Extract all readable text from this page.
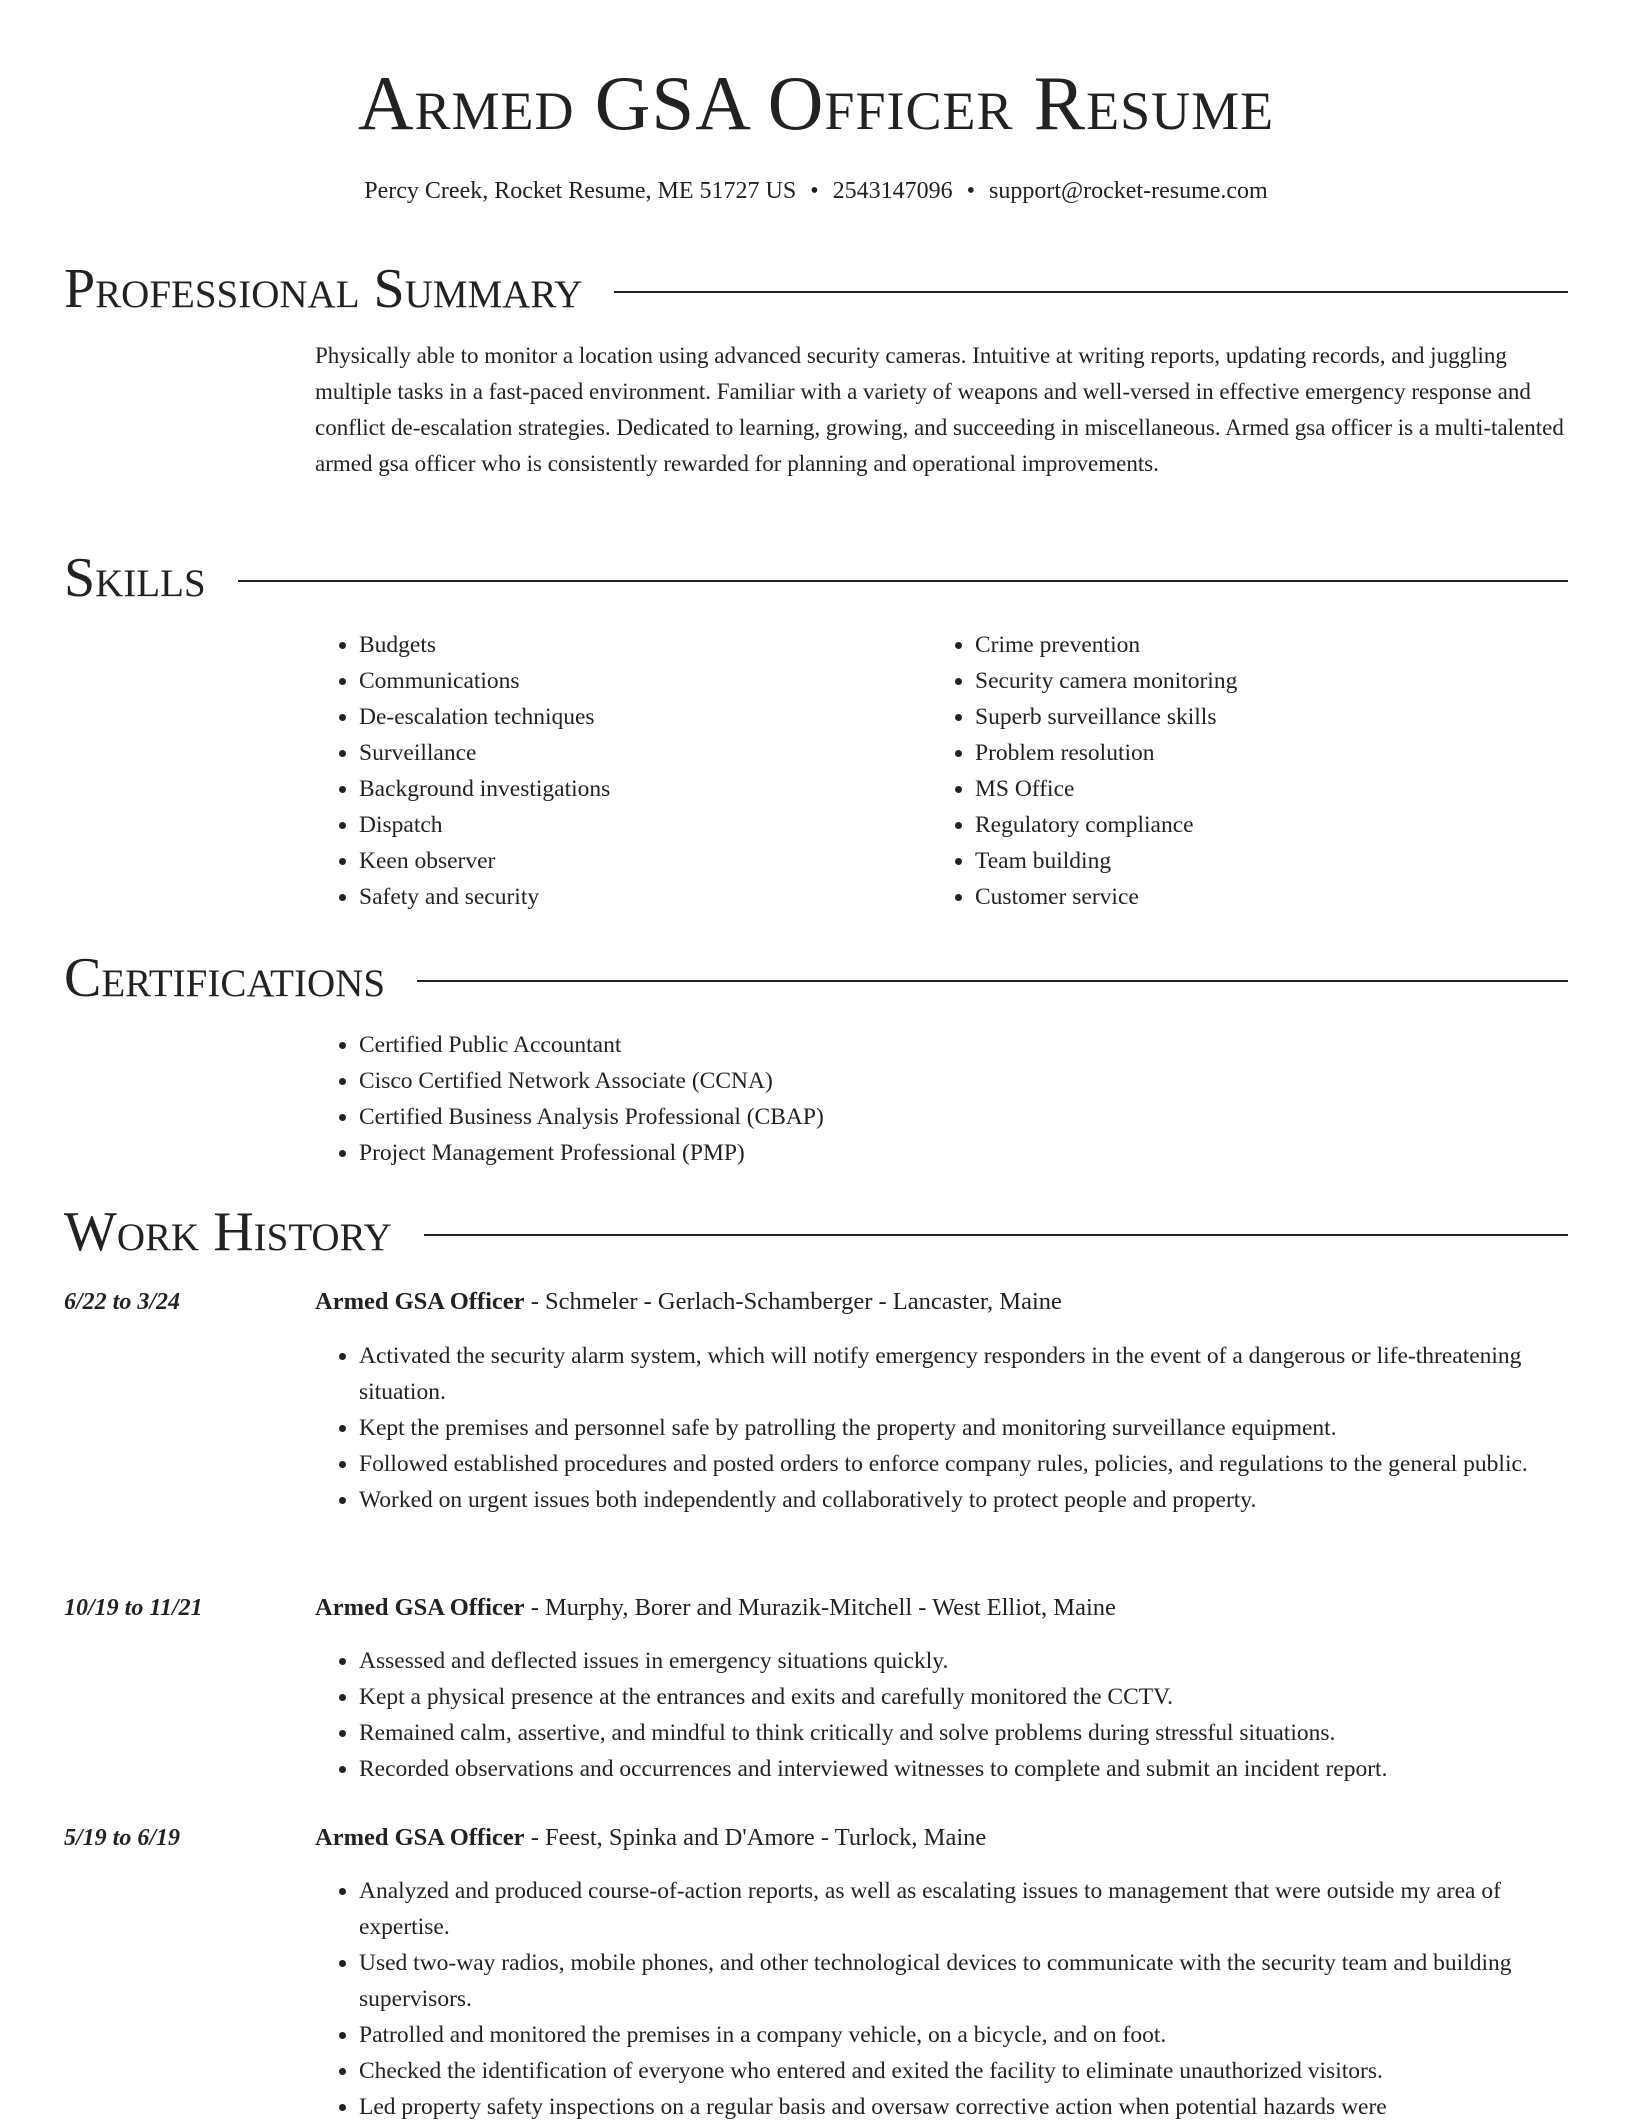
Armed GSA Officer Resume
Percy Creek, Rocket Resume, ME 51727 US • 2543147096 • support@rocket-resume.com
Professional Summary

Physically able to monitor a location using advanced security cameras. Intuitive at writing reports, updating records, and juggling multiple tasks in a fast-paced environment. Familiar with a variety of weapons and well-versed in effective emergency response and conflict de-escalation strategies. Dedicated to learning, growing, and succeeding in miscellaneous. Armed gsa officer is a multi-talented armed gsa officer who is consistently rewarded for planning and operational improvements.

Skills
• Budgets
• Communications
• De-escalation techniques
• Surveillance
• Background investigations
• Dispatch
• Keen observer
• Safety and security
• Crime prevention
• Security camera monitoring
• Superb surveillance skills
• Problem resolution
• MS Office
• Regulatory compliance
• Team building
• Customer service
Certifications
• Certified Public Accountant
• Cisco Certified Network Associate (CCNA)
• Certified Business Analysis Professional (CBAP)
• Project Management Professional (PMP)
Work History
6/22 to 3/24	Armed GSA Officer - Schmeler - Gerlach-Schamberger - Lancaster, Maine
• Activated the security alarm system, which will notify emergency responders in the event of a dangerous or life-threatening situation.
• Kept the premises and personnel safe by patrolling the property and monitoring surveillance equipment.
• Followed established procedures and posted orders to enforce company rules, policies, and regulations to the general public.
• Worked on urgent issues both independently and collaboratively to protect people and property.
10/19 to 11/21	Armed GSA Officer - Murphy, Borer and Murazik-Mitchell - West Elliot, Maine
• Assessed and deflected issues in emergency situations quickly.
• Kept a physical presence at the entrances and exits and carefully monitored the CCTV.
• Remained calm, assertive, and mindful to think critically and solve problems during stressful situations.
• Recorded observations and occurrences and interviewed witnesses to complete and submit an incident report.
5/19 to 6/19	Armed GSA Officer - Feest, Spinka and D'Amore - Turlock, Maine
• Analyzed and produced course-of-action reports, as well as escalating issues to management that were outside my area of expertise.
• Used two-way radios, mobile phones, and other technological devices to communicate with the security team and building supervisors.
• Patrolled and monitored the premises in a company vehicle, on a bicycle, and on foot.
• Checked the identification of everyone who entered and exited the facility to eliminate unauthorized visitors.
• Led property safety inspections on a regular basis and oversaw corrective action when potential hazards were
